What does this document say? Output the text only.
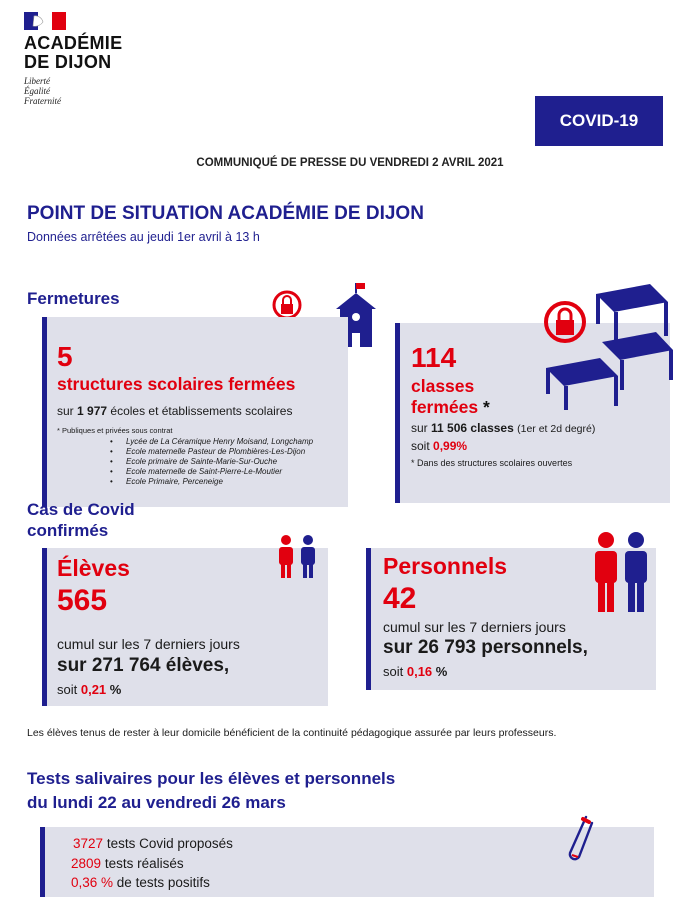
ACADÉMIE
DE DIJON
Liberté
Égalité
Fraternité
COVID-19
COMMUNIQUÉ DE PRESSE DU VENDREDI 2 AVRIL 2021
POINT DE SITUATION ACADÉMIE DE DIJON
Données arrêtées au jeudi 1er avril à 13 h
Fermetures
5
structures scolaires fermées
sur 1 977 écoles et établissements scolaires
* Publiques et privées sous contrat
• Lycée de La Céramique Henry Moisand, Longchamp
• Ecole maternelle Pasteur de Plombières-Les-Dijon
• Ecole primaire de Sainte-Marie-Sur-Ouche
• Ecole maternelle de Saint-Pierre-Le-Moutier
• Ecole Primaire, Perceneige
114
classes
fermées *
sur 11 506 classes (1er et 2d degré)
soit 0,99%
* Dans des structures scolaires ouvertes
Cas de Covid
confirmés
Élèves
565
cumul sur les 7 derniers jours
sur 271 764 élèves,
soit 0,21 %
Personnels
42
cumul sur les 7 derniers jours
sur 26 793 personnels,
soit 0,16 %
Les élèves tenus de rester à leur domicile bénéficient de la continuité pédagogique assurée par leurs professeurs.
Tests salivaires pour les élèves et personnels
du lundi 22 au vendredi 26 mars
3727 tests Covid proposés
2809 tests réalisés
0,36 % de tests positifs
